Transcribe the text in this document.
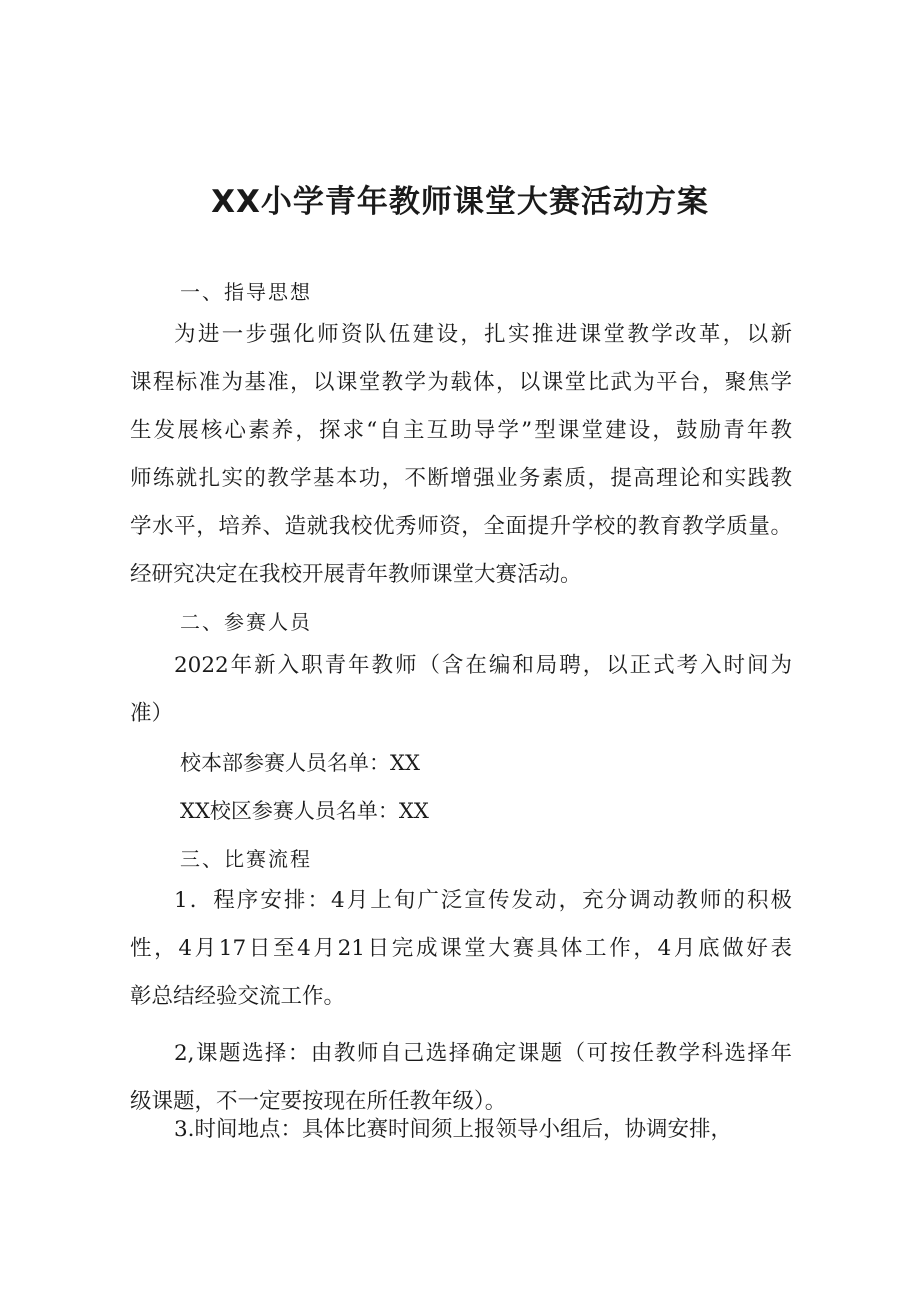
XX小学青年教师课堂大赛活动方案

一、指导思想

为进一步强化师资队伍建设，扎实推进课堂教学改革，以新
课程标准为基准，以课堂教学为载体，以课堂比武为平台，聚焦学
生发展核心素养，探求“自主互助导学”型课堂建设，鼓励青年教
师练就扎实的教学基本功，不断增强业务素质，提高理论和实践教
学水平，培养、造就我校优秀师资，全面提升学校的教育教学质量。
经研究决定在我校开展青年教师课堂大赛活动。

二、参赛人员

2022年新入职青年教师（含在编和局聘，以正式考入时间为
准）

校本部参赛人员名单：XX

XX校区参赛人员名单：XX

三、比赛流程

1．程序安排：4月上旬广泛宣传发动，充分调动教师的积极
性，4月17日至4月21日完成课堂大赛具体工作，4月底做好表
彰总结经验交流工作。
2,课题选择：由教师自己选择确定课题（可按任教学科选择年
级课题，不一定要按现在所任教年级）。
3.时间地点：具体比赛时间须上报领导小组后，协调安排，
